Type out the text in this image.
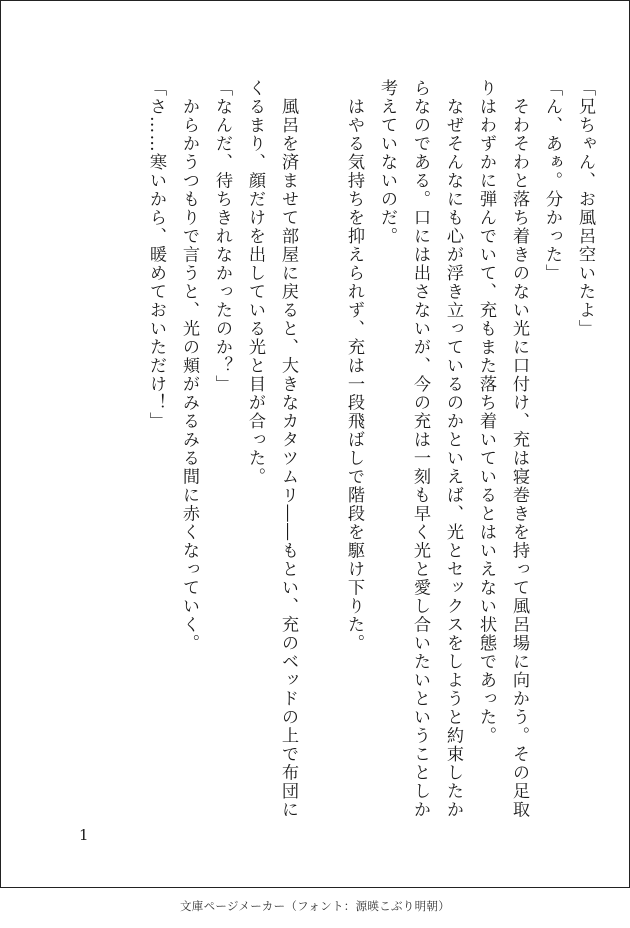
「兄ちゃん、お風呂空いたよ」

「ん、あぁ。分かった」

　そわそわと落ち着きのない光に口付け、充は寝巻きを持って風呂場に向かう。その足取りはわずかに弾んでいて、充もまた落ち着いているとはいえない状態であった。

　なぜそんなにも心が浮き立っているのかといえば、光とセックスをしようと約束したからなのである。口には出さないが、今の充は一刻も早く光と愛し合いたいということしか考えていないのだ。

　はやる気持ちを抑えられず、充は一段飛ばしで階段を駆け下りた。

　風呂を済ませて部屋に戻ると、大きなカタツムリ――もとい、充のベッドの上で布団にくるまり、顔だけを出している光と目が合った。

「なんだ、待ちきれなかったのか？」

　からかうつもりで言うと、光の頬がみるみる間に赤くなっていく。

「さ……寒いから、暖めておいただけ！」

1
文庫ページメーカー（フォント：源暎こぶり明朝）
